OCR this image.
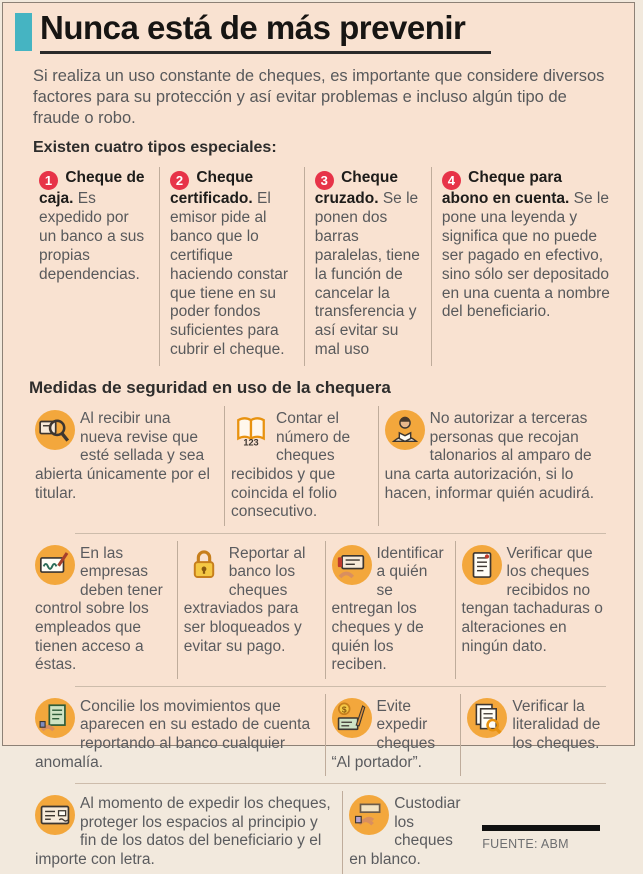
Nunca está de más prevenir

Si realiza un uso constante de cheques, es importante que considere diversos factores para su protección y así evitar problemas e incluso algún tipo de fraude o robo.

Existen cuatro tipos especiales:

1 Cheque de caja. Es expedido por un banco a sus propias dependencias.

2 Cheque certificado. El emisor pide al banco que lo certifique haciendo constar que tiene en su poder fondos suficientes para cubrir el cheque.

3 Cheque cruzado. Se le ponen dos barras paralelas, tiene la función de cancelar la transferencia y así evitar su mal uso

4 Cheque para abono en cuenta. Se le pone una leyenda y significa que no puede ser pagado en efectivo, sino sólo ser depositado en una cuenta a nombre del beneficiario.

Medidas de seguridad en uso de la chequera
Al recibir una nueva revise que esté sellada y sea abierta únicamente por el titular.
123
Contar el número de cheques recibidos y que coincida el folio consecutivo.
No autorizar a terceras personas que recojan talonarios al amparo de una carta autorización, si lo hacen, informar quién acudirá.
En las empresas deben tener control sobre los empleados que tienen acceso a éstas.
Reportar al banco los cheques extraviados para ser bloqueados y evitar su pago.
Identificar a quién se entregan los cheques y de quién los reciben.
Verificar que los cheques recibidos no tengan tachaduras o alteraciones en ningún dato.
Concilie los movimientos que aparecen en su estado de cuenta reportando al banco cualquier anomalía.
$ Evite expedir cheques “Al portador”.
Verificar la literalidad de los cheques.
Al momento de expedir los cheques, proteger los espacios al principio y fin de los datos del beneficiario y el importe con letra.
Custodiar los cheques en blanco.
FUENTE: ABM
